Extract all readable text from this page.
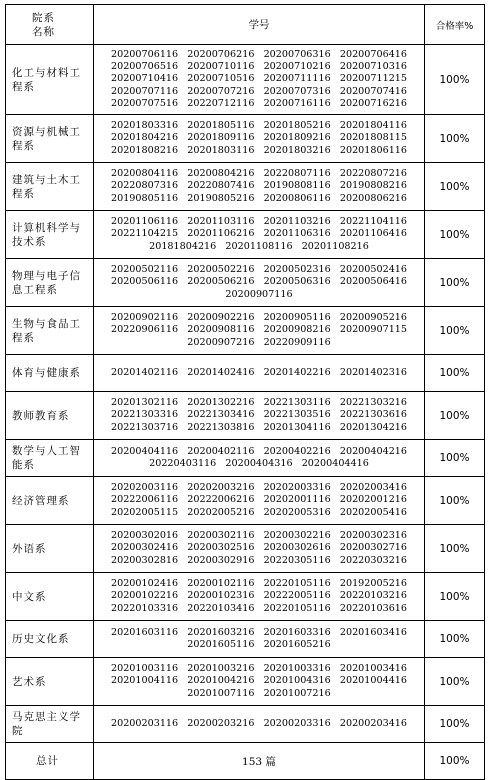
院系
名称	学号	合格率%

化工与材料工
程系	20200706116   20200706216   20200706316   20200706416
20200706516   20200710116   20200710216   20200710316
20200710416   20200710516   20200711116   20200711215
20200707116   20200707216   20200707316   20200707416
20200707516   20220712116   20200716116   20200716216	100%

资源与机械工
程系	20201803316   20201805116   20201805216   20201804116
20201804216   20201809116   20201809216   20201808115
20201808216   20201803116   20201803216   20201806116	100%

建筑与土木工
程系	20200804116   20200804216   20220807116   20220807216
20220807316   20220807416   20190808116   20190808216
20190805116   20190805216   20200806116   20200806216	100%

计算机科学与
技术系	20201106116   20201103116   20201103216   20221104116
20221104215   20201106216   20201106316   20201106416
20181804216   20201108116   20201108216	100%

物理与电子信
息工程系	20200502116   20200502216   20200502316   20200502416
20200506116   20200506216   20200506316   20200506416
20200907116	100%

生物与食品工
程系	20200902116   20200902216   20200905116   20200905216
20220906116   20200908116   20200908216   20200907115
20200907216   20220909116	100%

体育与健康系	20201402116   20201402416   20201402216   20201402316	100%

教师教育系	20201302116   20201302216   20221303116   20221303216
20221303316   20221303416   20221303516   20221303616
20221303716   20221303816   20201304116   20201304216	100%

数学与人工智
能系	20200404116   20200402116   20200402216   20200404216
20220403116   20200404316   20200404416	100%

经济管理系	20202003116   20202003216   20202003316   20202003416
20222006116   20222006216   20202001116   20202001216
20202005115   20202005216   20202005316   20202005416	100%

外语系	20200302016   20200302116   20200302216   20200302316
20200302416   20200302516   20200302616   20200302716
20200302816   20200302916   20220305116   20220303216	100%

中文系	20200102416   20200102116   20220105116   20192005216
20200102216   20200102316   20222005116   20220103216
20220103316   20220103416   20220105116   20220103616	100%

历史文化系	20201603116   20201603216   20201603316   20201603416
20201605116   20201605216	100%

艺术系	20201003116   20201003216   20201003316   20201003416
20201004116   20201004216   20201004316   20201004416
20201007116   20201007216	100%

马克思主义学
院	20200203116   20200203216   20200203316   20200203416	100%
总计	153 篇	100%
